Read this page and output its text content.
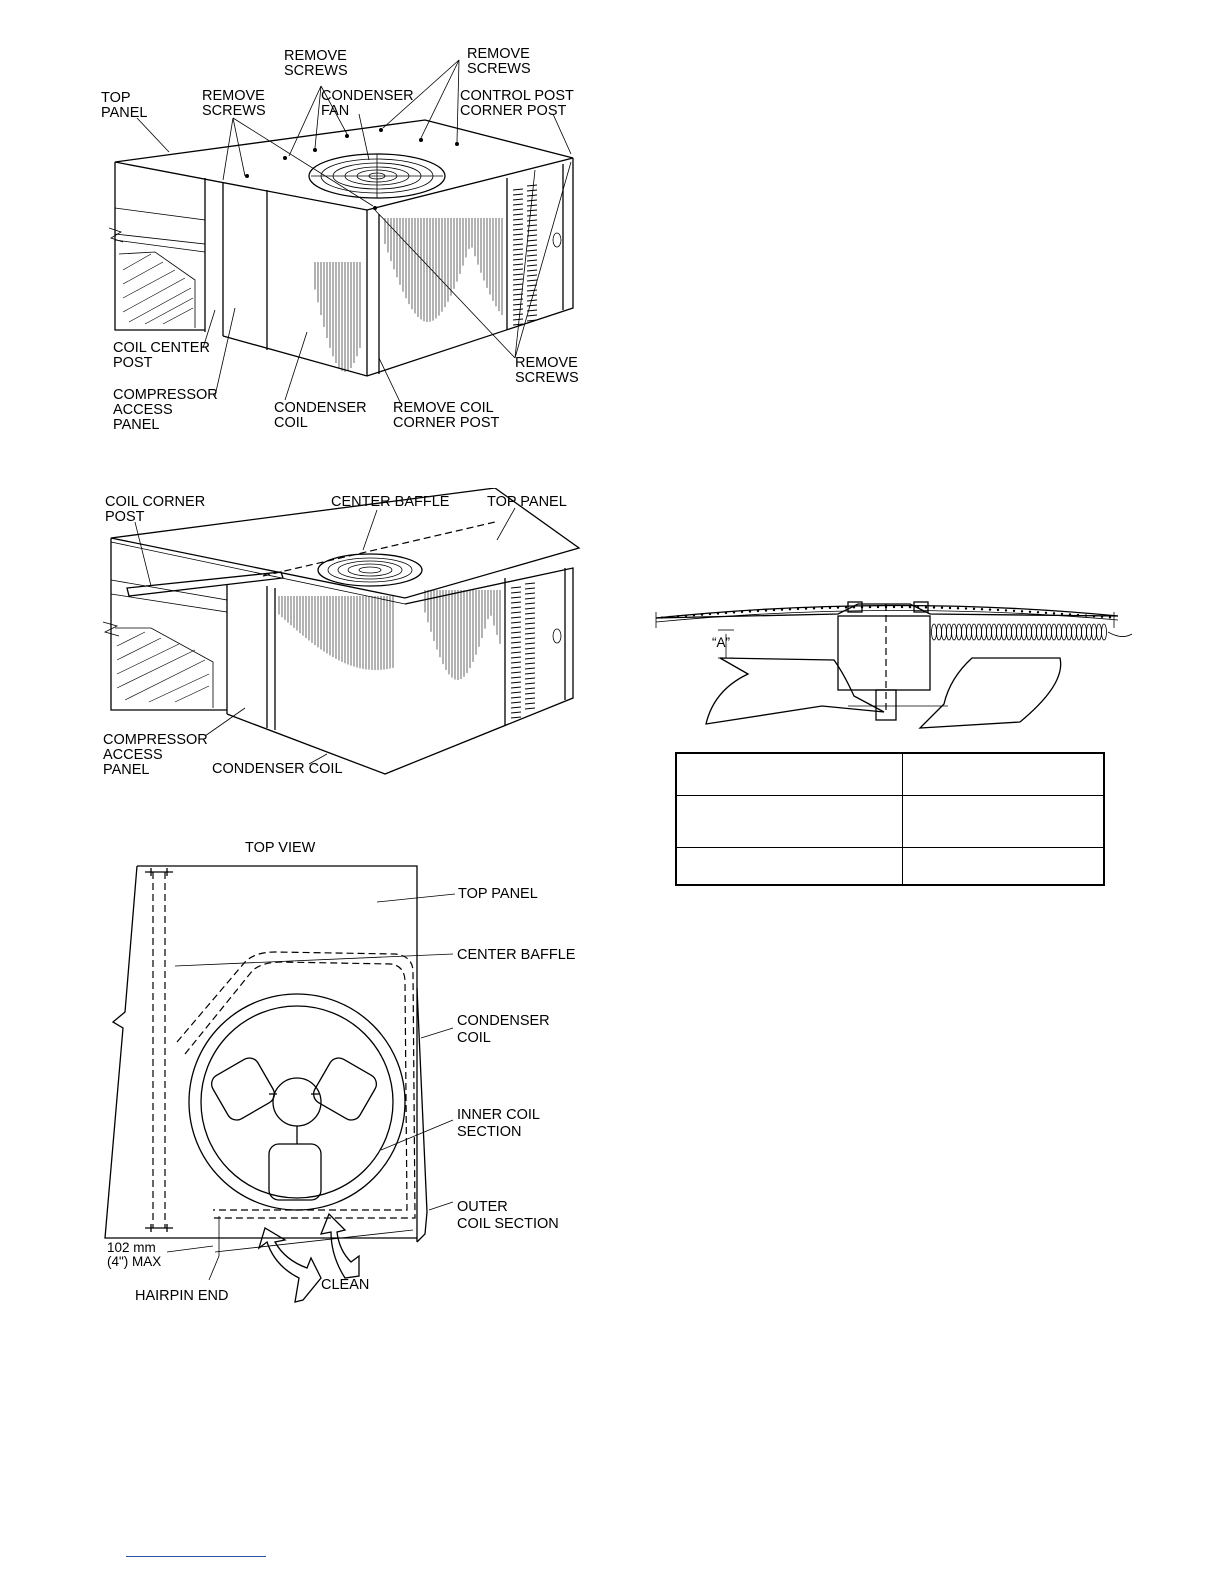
TOP PANEL
REMOVE SCREWS
REMOVE SCREWS
CONDENSER FAN
REMOVE SCREWS
CONTROL POST
CORNER POST
COIL CENTER POST
COMPRESSOR ACCESS PANEL
CONDENSER COIL
REMOVE COIL CORNER POST
REMOVE SCREWS
COIL CORNER POST
CENTER BAFFLE	TOP PANEL
COMPRESSOR ACCESS PANEL	CONDENSER COIL
TOP VIEW
TOP PANEL
CENTER BAFFLE
CONDENSER COIL
INNER COIL SECTION
OUTER COIL SECTION
102 mm (4") MAX
CLEAN
HAIRPIN END
“A”
